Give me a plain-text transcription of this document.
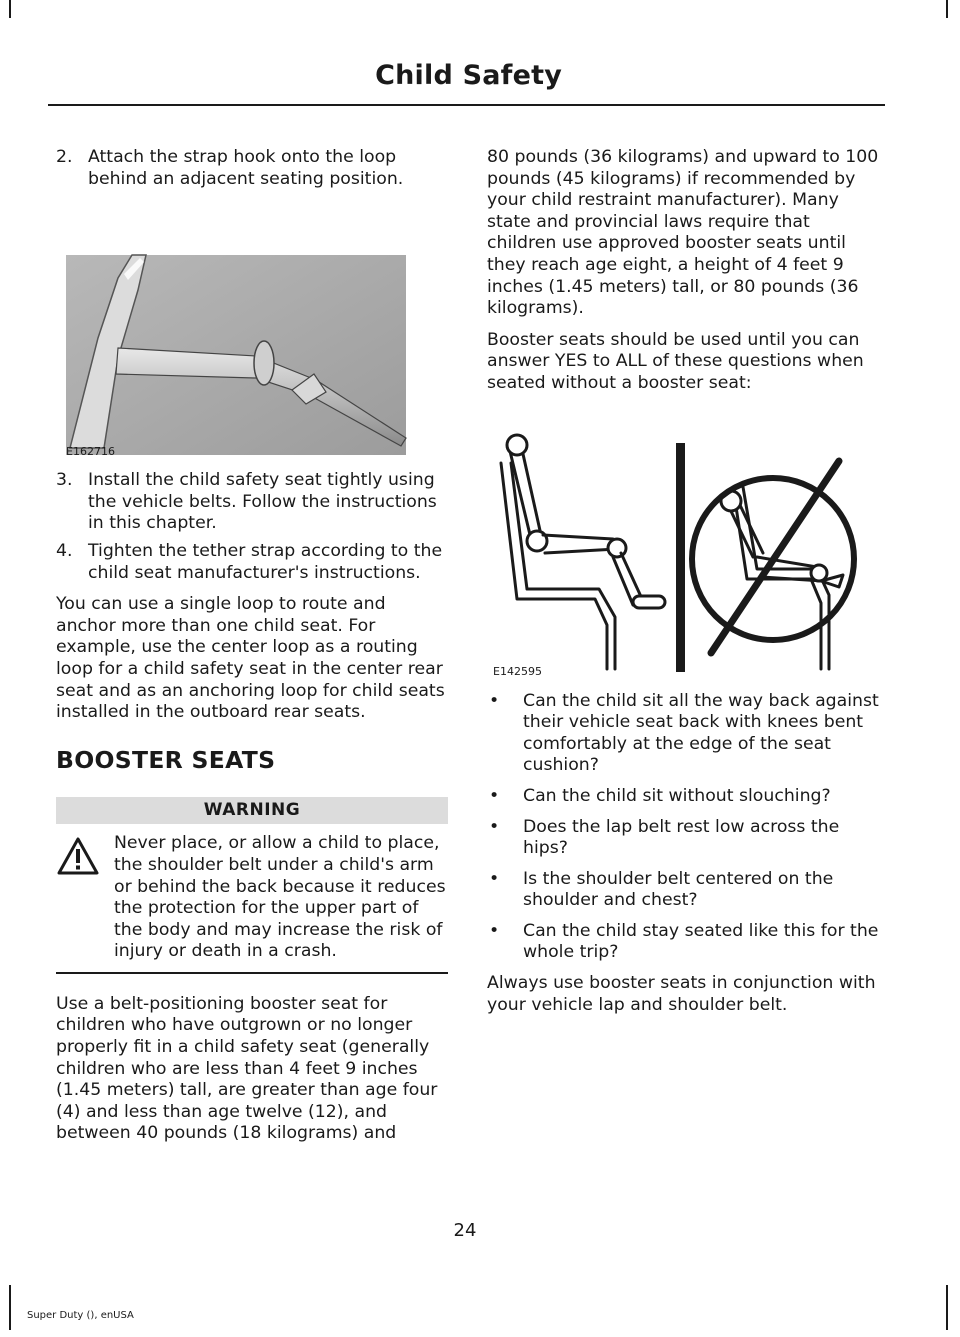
Child Safety
2. Attach the strap hook onto the loop behind an adjacent seating position.
E162716
3. Install the child safety seat tightly using the vehicle belts. Follow the instructions in this chapter.
4. Tighten the tether strap according to the child seat manufacturer's instructions.

You can use a single loop to route and anchor more than one child seat. For example, use the center loop as a routing loop for a child safety seat in the center rear seat and as an anchoring loop for child seats installed in the outboard rear seats.

BOOSTER SEATS
WARNING
Never place, or allow a child to place, the shoulder belt under a child's arm or behind the back because it reduces the protection for the upper part of the body and may increase the risk of injury or death in a crash.

Use a belt-positioning booster seat for children who have outgrown or no longer properly fit in a child safety seat (generally children who are less than 4 feet 9 inches (1.45 meters) tall, are greater than age four (4) and less than age twelve (12), and between 40 pounds (18 kilograms) and

80 pounds (36 kilograms) and upward to 100 pounds (45 kilograms) if recommended by your child restraint manufacturer). Many state and provincial laws require that children use approved booster seats until they reach age eight, a height of 4 feet 9 inches (1.45 meters) tall, or 80 pounds (36 kilograms).

Booster seats should be used until you can answer YES to ALL of these questions when seated without a booster seat:

E142595
•	Can the child sit all the way back against their vehicle seat back with knees bent comfortably at the edge of the seat cushion?
•	Can the child sit without slouching?
•	Does the lap belt rest low across the hips?
•	Is the shoulder belt centered on the shoulder and chest?
•	Can the child stay seated like this for the whole trip?

Always use booster seats in conjunction with your vehicle lap and shoulder belt.

24
Super Duty (), enUSA
